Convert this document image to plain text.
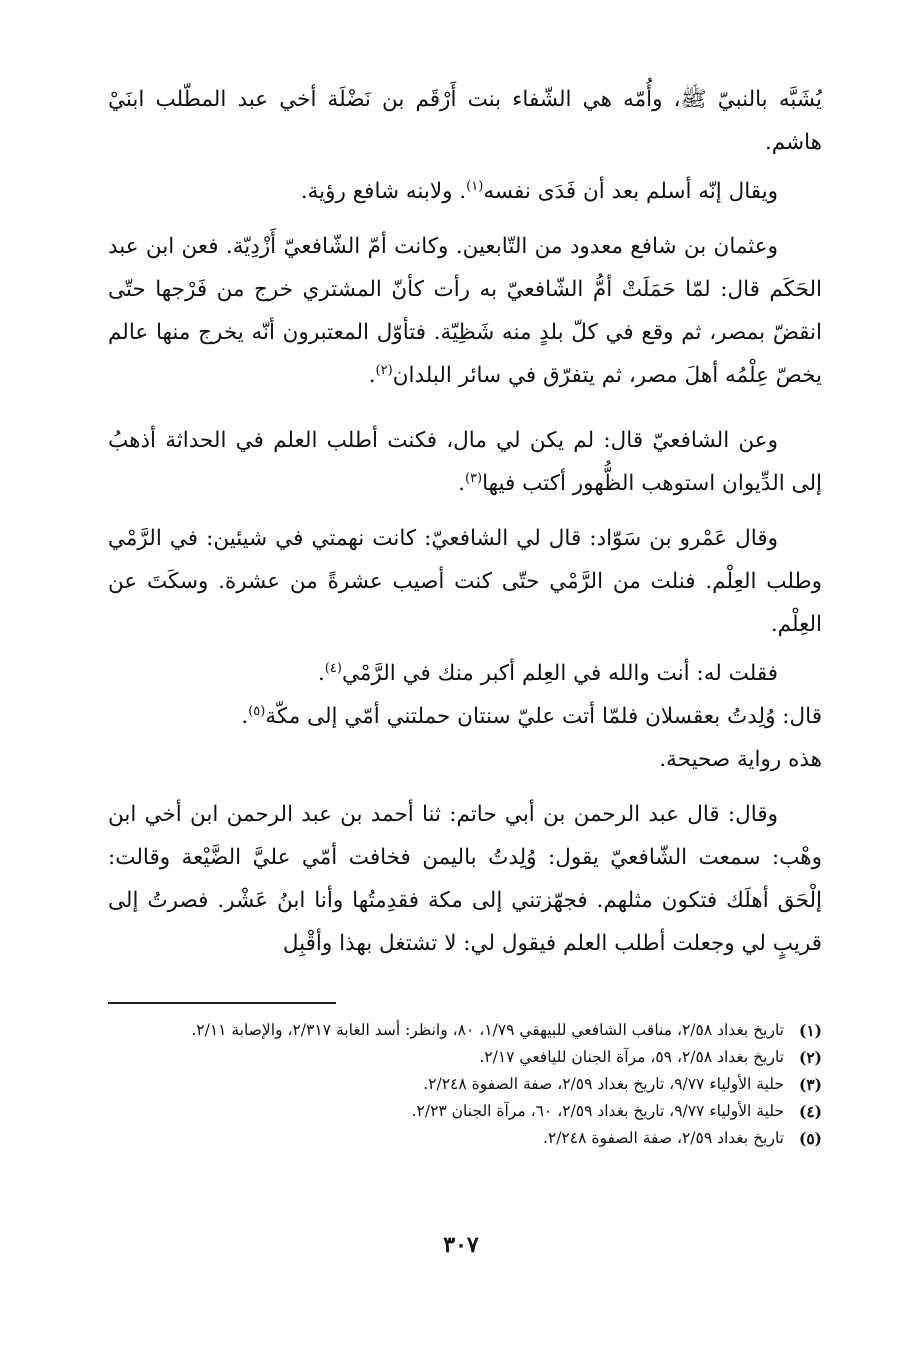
يُشَبَّه بالنبيّ ﷺ، وأُمّه هي الشّفاء بنت أَرْقَم بن نَضْلَة أخي عبد المطّلب ابنَيْ هاشم.

ويقال إنّه أسلم بعد أن فَدَى نفسه$^{(١)}$. ولابنه شافع رؤية.

وعثمان بن شافع معدود من التّابعين. وكانت أمّ الشّافعيّ أَزْدِيّة. فعن ابن عبد الحَكَم قال: لمّا حَمَلَتْ أمُّ الشّافعيّ به رأت كأنّ المشتري خرج من فَرْجها حتّى انقضّ بمصر، ثم وقع في كلّ بلدٍ منه شَظِيّة. فتأوّل المعتبرون أنّه يخرج منها عالم يخصّ عِلْمُه أهلَ مصر، ثم يتفرّق في سائر البلدان$^{(٢)}$.

وعن الشافعيّ قال: لم يكن لي مال، فكنت أطلب العلم في الحداثة أذهبُ إلى الدِّيوان استوهب الظُّهور أكتب فيها$^{(٣)}$.

وقال عَمْرو بن سَوّاد: قال لي الشافعيّ: كانت نهمتي في شيئين: في الرَّمْي وطلب العِلْم. فنلت من الرَّمْي حتّى كنت أصيب عشرةً من عشرة. وسكَتَ عن العِلْم.

فقلت له: أنت والله في العِلم أكبر منك في الرَّمْي$^{(٤)}$.

قال: وُلِدتُ بعقسلان فلمّا أتت عليّ سنتان حملتني أمّي إلى مكّة$^{(٥)}$.

هذه رواية صحيحة.

وقال: قال عبد الرحمن بن أبي حاتم: ثنا أحمد بن عبد الرحمن ابن أخي ابن وهْب: سمعت الشّافعيّ يقول: وُلِدتُ باليمن فخافت أمّي عليَّ الضَّيْعة وقالت: إلْحَق أهلَك فتكون مثلهم. فجهّزتني إلى مكة فقدِمتُها وأنا ابنُ عَشْر. فصرتُ إلى قريبٍ لي وجعلت أطلب العلم فيقول لي: لا تشتغل بهذا وأقْبِل

(١)
تاريخ بغداد ٢/٥٨، مناقب الشافعي للبيهقي ١/٧٩، ٨٠، وانظر: أسد الغابة ٢/٣١٧، والإصابة ٢/١١.
(٢)
تاريخ بغداد ٢/٥٨، ٥٩، مرآة الجنان لليافعي ٢/١٧.
(٣)
حلية الأولياء ٩/٧٧، تاريخ بغداد ٢/٥٩، صفة الصفوة ٢/٢٤٨.
(٤)
حلية الأولياء ٩/٧٧، تاريخ بغداد ٢/٥٩، ٦٠، مرآة الجنان ٢/٢٣.
(٥)
تاريخ بغداد ٢/٥٩، صفة الصفوة ٢/٢٤٨.
٣٠٧
